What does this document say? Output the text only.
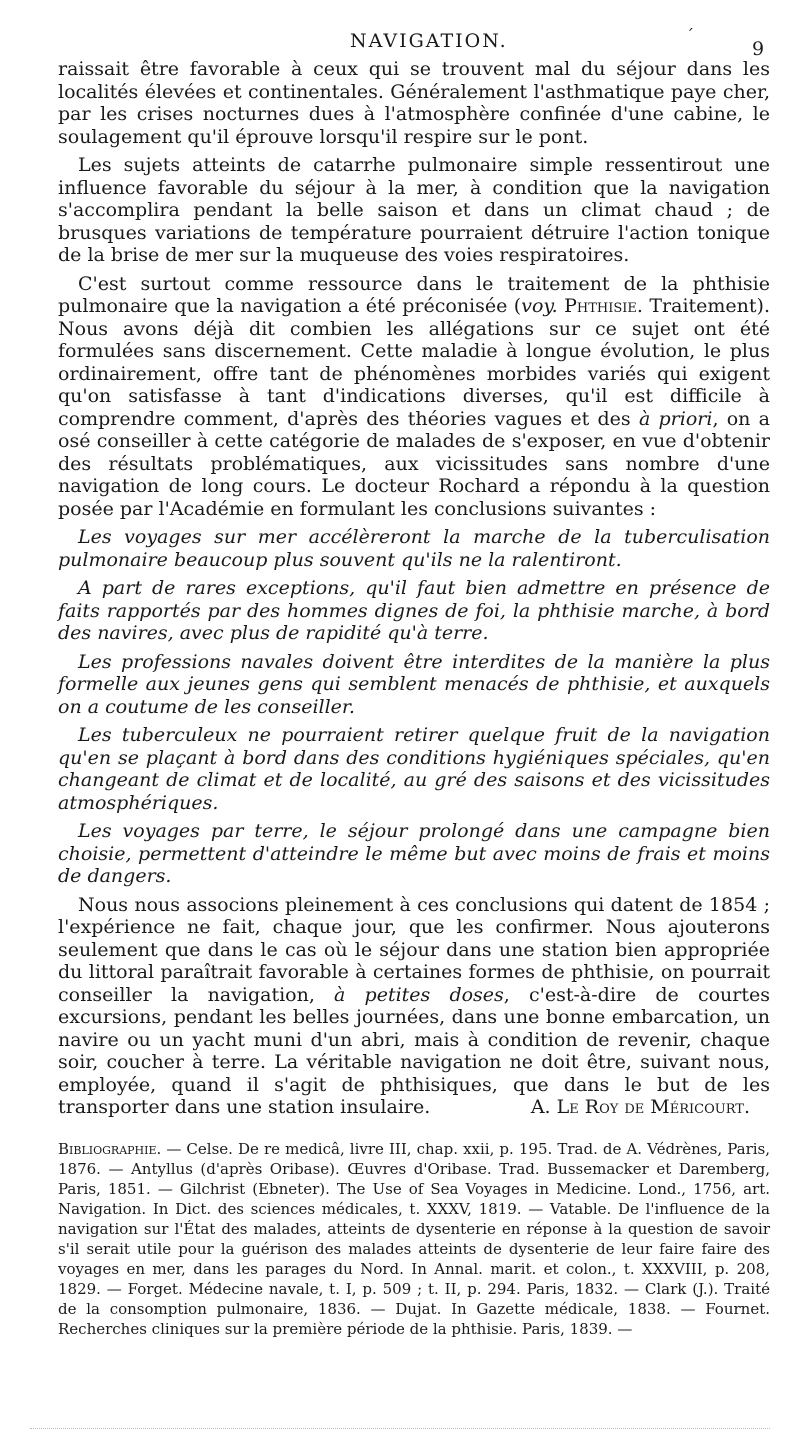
NAVIGATION.	´
9

raissait être favorable à ceux qui se trouvent mal du séjour dans les localités élevées et continentales. Généralement l'asthmatique paye cher, par les crises nocturnes dues à l'atmosphère confinée d'une cabine, le soulagement qu'il éprouve lorsqu'il respire sur le pont.

Les sujets atteints de catarrhe pulmonaire simple ressentirout une influence favorable du séjour à la mer, à condition que la navigation s'accomplira pendant la belle saison et dans un climat chaud ; de brusques variations de température pourraient détruire l'action tonique de la brise de mer sur la muqueuse des voies respiratoires.

C'est surtout comme ressource dans le traitement de la phthisie pulmonaire que la navigation a été préconisée (voy. Phthisie. Traitement). Nous avons déjà dit combien les allégations sur ce sujet ont été formulées sans discernement. Cette maladie à longue évolution, le plus ordinairement, offre tant de phénomènes morbides variés qui exigent qu'on satisfasse à tant d'indications diverses, qu'il est difficile à comprendre comment, d'après des théories vagues et des à priori, on a osé conseiller à cette catégorie de malades de s'exposer, en vue d'obtenir des résultats problématiques, aux vicissitudes sans nombre d'une navigation de long cours. Le docteur Rochard a répondu à la question posée par l'Académie en formulant les conclusions suivantes :

Les voyages sur mer accélèreront la marche de la tuberculisation pulmonaire beaucoup plus souvent qu'ils ne la ralentiront.

A part de rares exceptions, qu'il faut bien admettre en présence de faits rapportés par des hommes dignes de foi, la phthisie marche, à bord des navires, avec plus de rapidité qu'à terre.

Les professions navales doivent être interdites de la manière la plus formelle aux jeunes gens qui semblent menacés de phthisie, et auxquels on a coutume de les conseiller.

Les tuberculeux ne pourraient retirer quelque fruit de la navigation qu'en se plaçant à bord dans des conditions hygiéniques spéciales, qu'en changeant de climat et de localité, au gré des saisons et des vicissitudes atmosphériques.

Les voyages par terre, le séjour prolongé dans une campagne bien choisie, permettent d'atteindre le même but avec moins de frais et moins de dangers.

Nous nous associons pleinement à ces conclusions qui datent de 1854 ; l'expérience ne fait, chaque jour, que les confirmer. Nous ajouterons seulement que dans le cas où le séjour dans une station bien appropriée du littoral paraîtrait favorable à certaines formes de phthisie, on pourrait conseiller la navigation, à petites doses, c'est-à-dire de courtes excursions, pendant les belles journées, dans une bonne embarcation, un navire ou un yacht muni d'un abri, mais à condition de revenir, chaque soir, coucher à terre. La véritable navigation ne doit être, suivant nous, employée, quand il s'agit de phthisiques, que dans le but de les transporter dans une station insulaire.	A. Le Roy de Méricourt.

Bibliographie. — Celse. De re medicâ, livre III, chap. xxii, p. 195. Trad. de A. Védrènes, Paris, 1876. — Antyllus (d'après Oribase). Œuvres d'Oribase. Trad. Bussemacker et Daremberg, Paris, 1851. — Gilchrist (Ebneter). The Use of Sea Voyages in Medicine. Lond., 1756, art. Navigation. In Dict. des sciences médicales, t. XXXV, 1819. — Vatable. De l'influence de la navigation sur l'État des malades, atteints de dysenterie en réponse à la question de savoir s'il serait utile pour la guérison des malades atteints de dysenterie de leur faire faire des voyages en mer, dans les parages du Nord. In Annal. marit. et colon., t. XXXVIII, p. 208, 1829. — Forget. Médecine navale, t. I, p. 509 ; t. II, p. 294. Paris, 1832. — Clark (J.). Traité de la consomption pulmonaire, 1836. — Dujat. In Gazette médicale, 1838. — Fournet. Recherches cliniques sur la première période de la phthisie. Paris, 1839. —
